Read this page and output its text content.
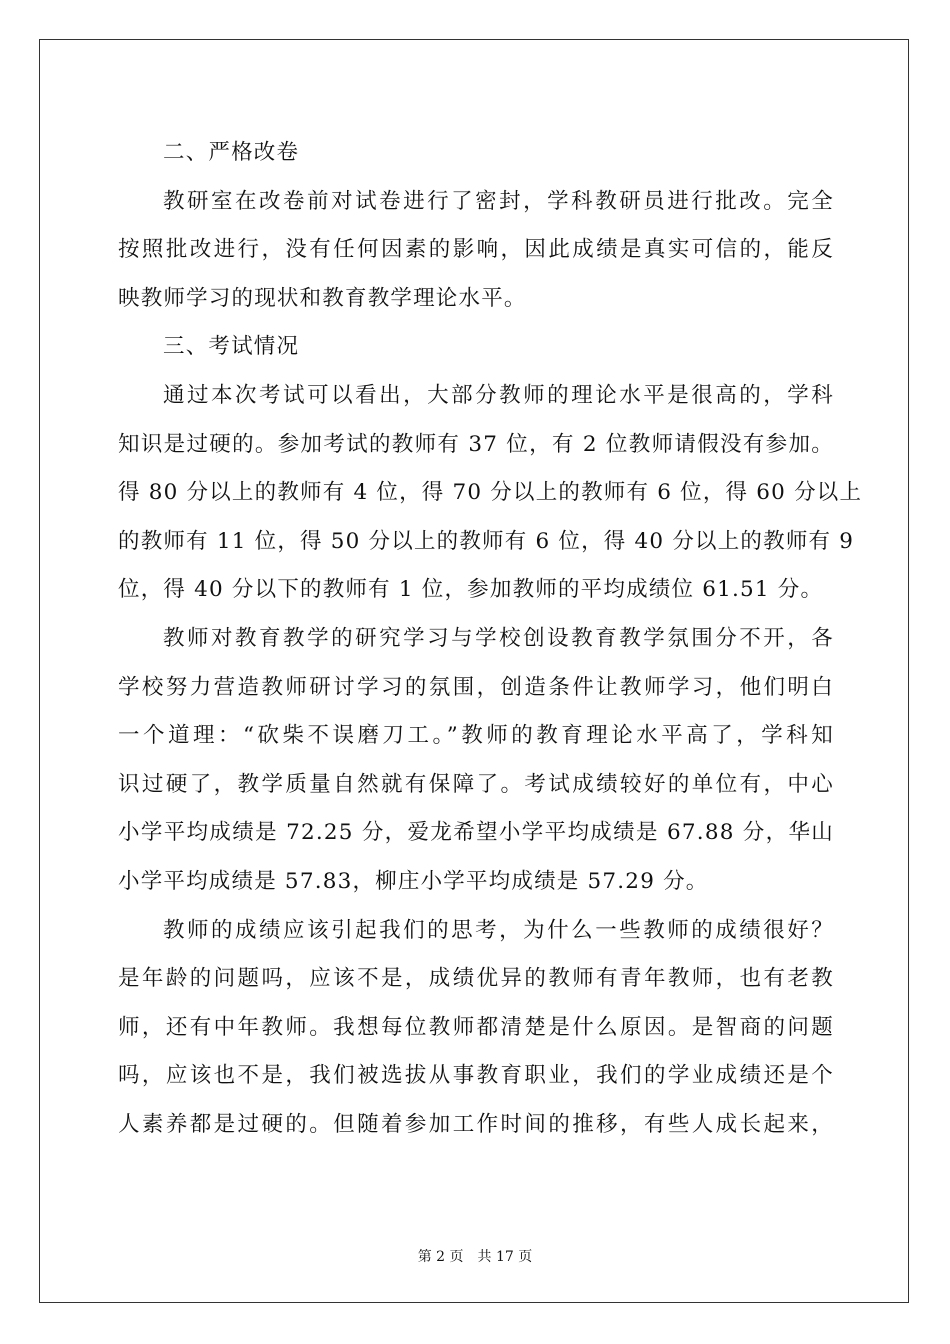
二、严格改卷
教研室在改卷前对试卷进行了密封，学科教研员进行批改。完全
按照批改进行，没有任何因素的影响，因此成绩是真实可信的，能反
映教师学习的现状和教育教学理论水平。
三、考试情况
通过本次考试可以看出，大部分教师的理论水平是很高的，学科
知识是过硬的。参加考试的教师有 37 位，有 2 位教师请假没有参加。
得 80 分以上的教师有 4 位，得 70 分以上的教师有 6 位，得 60 分以上
的教师有 11 位，得 50 分以上的教师有 6 位，得 40 分以上的教师有 9
位，得 40 分以下的教师有 1 位，参加教师的平均成绩位 61.51 分。
教师对教育教学的研究学习与学校创设教育教学氛围分不开，各
学校努力营造教师研讨学习的氛围，创造条件让教师学习，他们明白
一个道理：“砍柴不误磨刀工。”教师的教育理论水平高了，学科知
识过硬了，教学质量自然就有保障了。考试成绩较好的单位有，中心
小学平均成绩是 72.25 分，爱龙希望小学平均成绩是 67.88 分，华山
小学平均成绩是 57.83，柳庄小学平均成绩是 57.29 分。
教师的成绩应该引起我们的思考，为什么一些教师的成绩很好？
是年龄的问题吗，应该不是，成绩优异的教师有青年教师，也有老教
师，还有中年教师。我想每位教师都清楚是什么原因。是智商的问题
吗，应该也不是，我们被选拔从事教育职业，我们的学业成绩还是个
人素养都是过硬的。但随着参加工作时间的推移，有些人成长起来，
第 2 页 共 17 页
